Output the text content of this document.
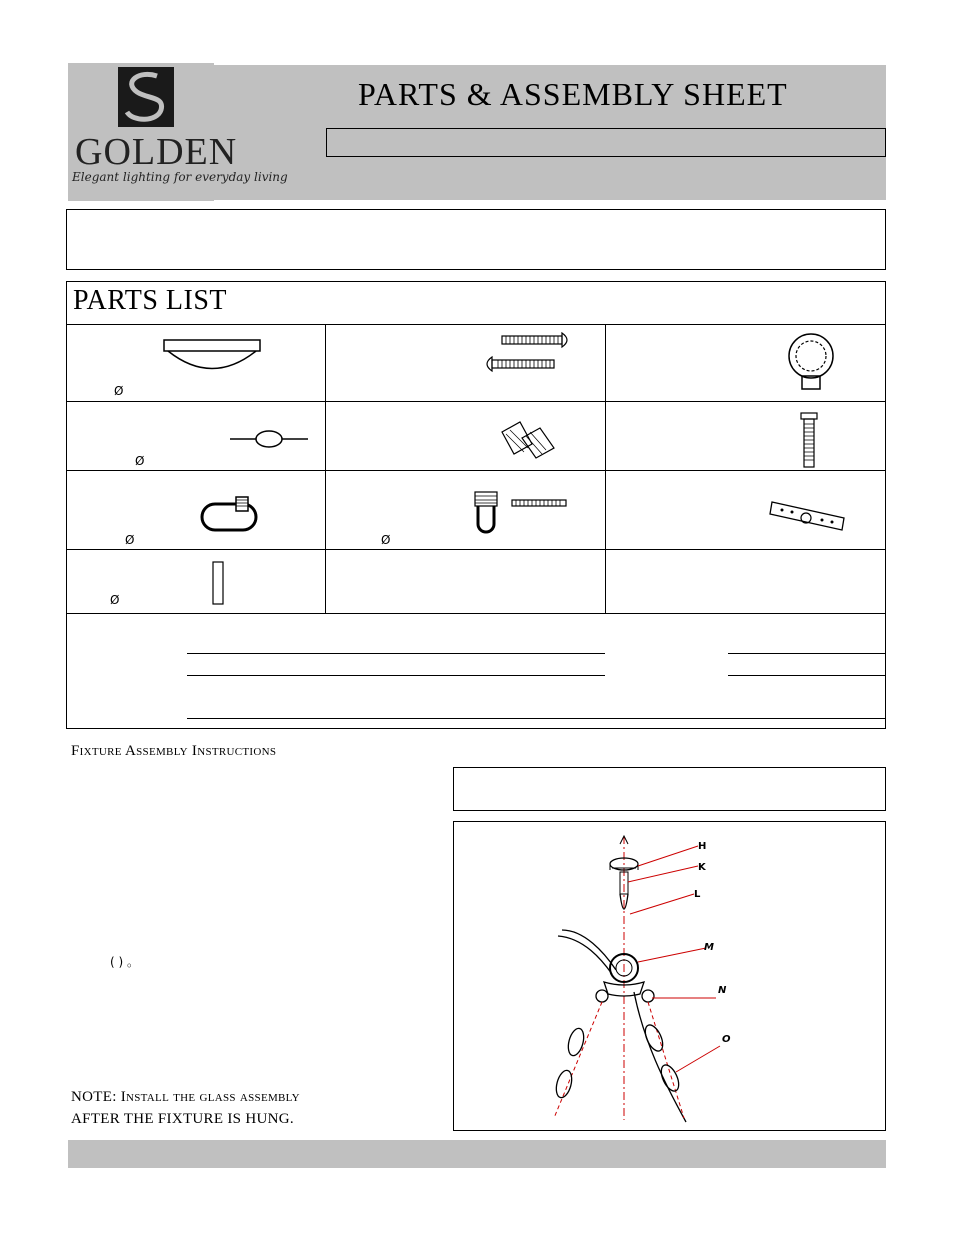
GOLDEN
Elegant lighting for everyday living
PARTS & ASSEMBLY SHEET
PARTS LIST
Ø
Ø
Ø	Ø
Ø
Fixture Assembly Instructions
( ) 。
NOTE: Install the glass assembly
AFTER THE FIXTURE IS HUNG.
H
K
L
M
N
O
